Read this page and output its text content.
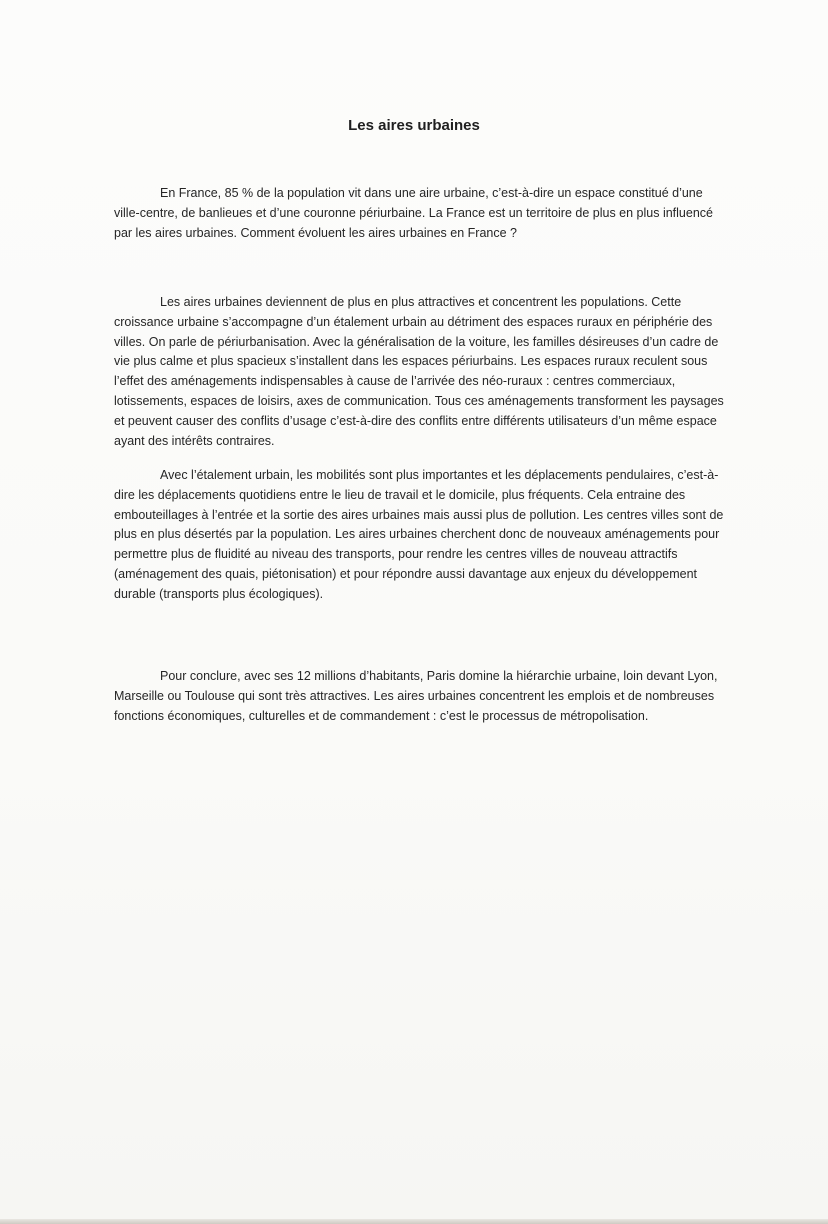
Les aires urbaines

En France, 85 % de la population vit dans une aire urbaine, c’est-à-dire un espace constitué d’une ville-centre, de banlieues et d’une couronne périurbaine. La France est un territoire de plus en plus influencé par les aires urbaines. Comment évoluent les aires urbaines en France ?

Les aires urbaines deviennent de plus en plus attractives et concentrent les populations. Cette croissance urbaine s’accompagne d’un étalement urbain au détriment des espaces ruraux en périphérie des villes. On parle de périurbanisation. Avec la généralisation de la voiture, les familles désireuses d’un cadre de vie plus calme et plus spacieux s’installent dans les espaces périurbains. Les espaces ruraux reculent sous l’effet des aménagements indispensables à cause de l’arrivée des néo-ruraux : centres commerciaux, lotissements, espaces de loisirs, axes de communication. Tous ces aménagements transforment les paysages et peuvent causer des conflits d’usage c’est-à-dire des conflits entre différents utilisateurs d’un même espace ayant des intérêts contraires.

Avec l’étalement urbain, les mobilités sont plus importantes et les déplacements pendulaires, c’est-à-dire les déplacements quotidiens entre le lieu de travail et le domicile, plus fréquents. Cela entraine des embouteillages à l’entrée et la sortie des aires urbaines mais aussi plus de pollution. Les centres villes sont de plus en plus désertés par la population. Les aires urbaines cherchent donc de nouveaux aménagements pour permettre plus de fluidité au niveau des transports, pour rendre les centres villes de nouveau attractifs (aménagement des quais, piétonisation) et pour répondre aussi davantage aux enjeux du développement durable (transports plus écologiques).

Pour conclure, avec ses 12 millions d’habitants, Paris domine la hiérarchie urbaine, loin devant Lyon, Marseille ou Toulouse qui sont très attractives. Les aires urbaines concentrent les emplois et de nombreuses fonctions économiques, culturelles et de commandement : c’est le processus de métropolisation.
